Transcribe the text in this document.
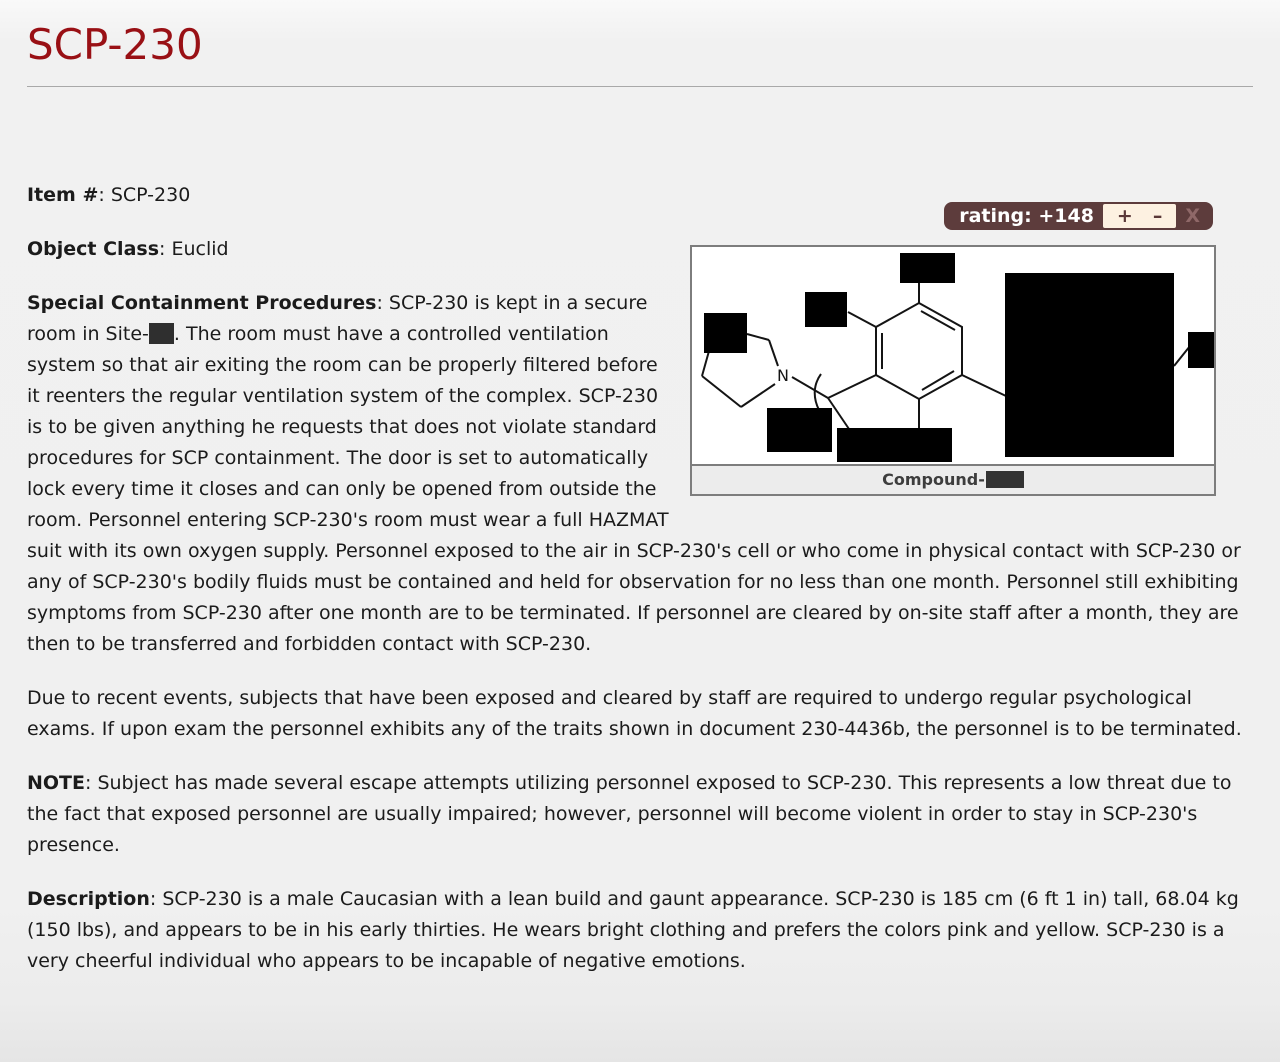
SCP-230
rating: +148	+	–	X
N
Compound-

Item #: SCP-230

Object Class: Euclid

Special Containment Procedures: SCP-230 is kept in a secure room in Site- . The room must have a controlled ventilation system so that air exiting the room can be properly filtered before it reenters the regular ventilation system of the complex. SCP-230 is to be given anything he requests that does not violate standard procedures for SCP containment. The door is set to automatically lock every time it closes and can only be opened from outside the room. Personnel entering SCP-230's room must wear a full HAZMAT suit with its own oxygen supply. Personnel exposed to the air in SCP-230's cell or who come in physical contact with SCP-230 or any of SCP-230's bodily fluids must be contained and held for observation for no less than one month. Personnel still exhibiting symptoms from SCP-230 after one month are to be terminated. If personnel are cleared by on-site staff after a month, they are then to be transferred and forbidden contact with SCP-230.

Due to recent events, subjects that have been exposed and cleared by staff are required to undergo regular psychological exams. If upon exam the personnel exhibits any of the traits shown in document 230-4436b, the personnel is to be terminated.

NOTE: Subject has made several escape attempts utilizing personnel exposed to SCP-230. This represents a low threat due to the fact that exposed personnel are usually impaired; however, personnel will become violent in order to stay in SCP-230's presence.

Description: SCP-230 is a male Caucasian with a lean build and gaunt appearance. SCP-230 is 185 cm (6 ft 1 in) tall, 68.04 kg (150 lbs), and appears to be in his early thirties. He wears bright clothing and prefers the colors pink and yellow. SCP-230 is a very cheerful individual who appears to be incapable of negative emotions.
